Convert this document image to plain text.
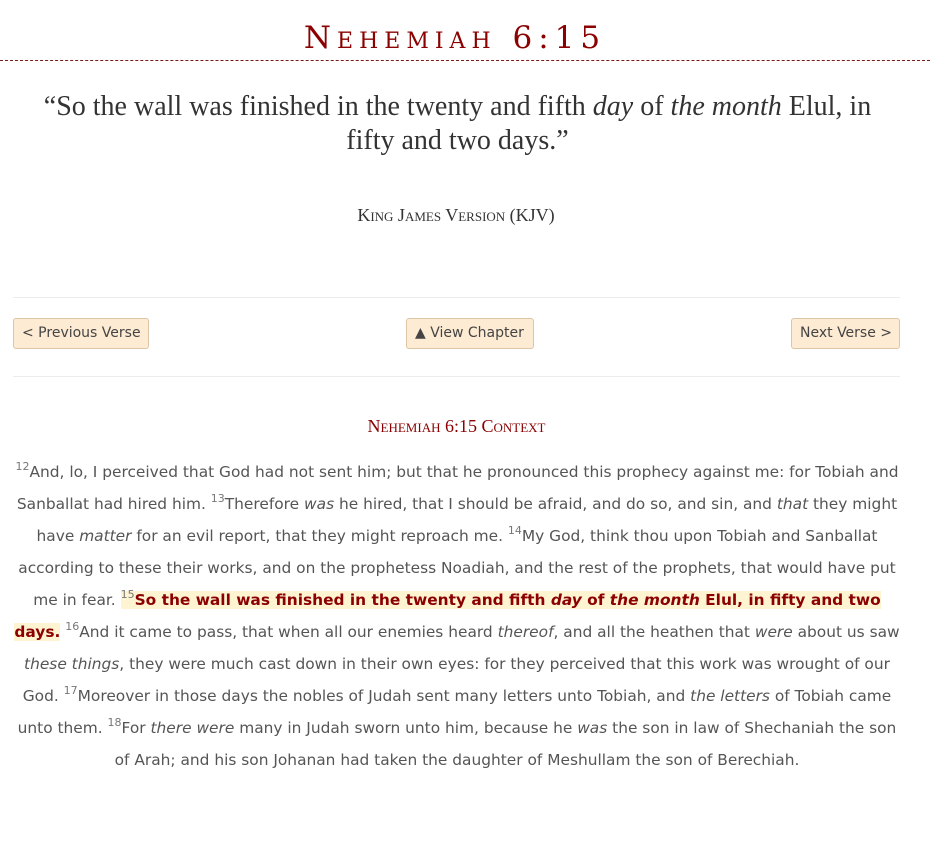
Nehemiah 6:15
“So the wall was finished in the twenty and fifth day of the month Elul, in fifty and two days.”
King James Version (KJV)
< Previous Verse	▲ View Chapter	Next Verse >
Nehemiah 6:15 Context
$^{12}$And, lo, I perceived that God had not sent him; but that he pronounced this prophecy against me: for Tobiah and Sanballat had hired him. $^{13}$Therefore was he hired, that I should be afraid, and do so, and sin, and that they might have matter for an evil report, that they might reproach me. $^{14}$My God, think thou upon Tobiah and Sanballat according to these their works, and on the prophetess Noadiah, and the rest of the prophets, that would have put me in fear. $^{15}$So the wall was finished in the twenty and fifth day of the month Elul, in fifty and two days. $^{16}$And it came to pass, that when all our enemies heard thereof, and all the heathen that were about us saw these things, they were much cast down in their own eyes: for they perceived that this work was wrought of our God. $^{17}$Moreover in those days the nobles of Judah sent many letters unto Tobiah, and the letters of Tobiah came unto them. $^{18}$For there were many in Judah sworn unto him, because he was the son in law of Shechaniah the son of Arah; and his son Johanan had taken the daughter of Meshullam the son of Berechiah.
